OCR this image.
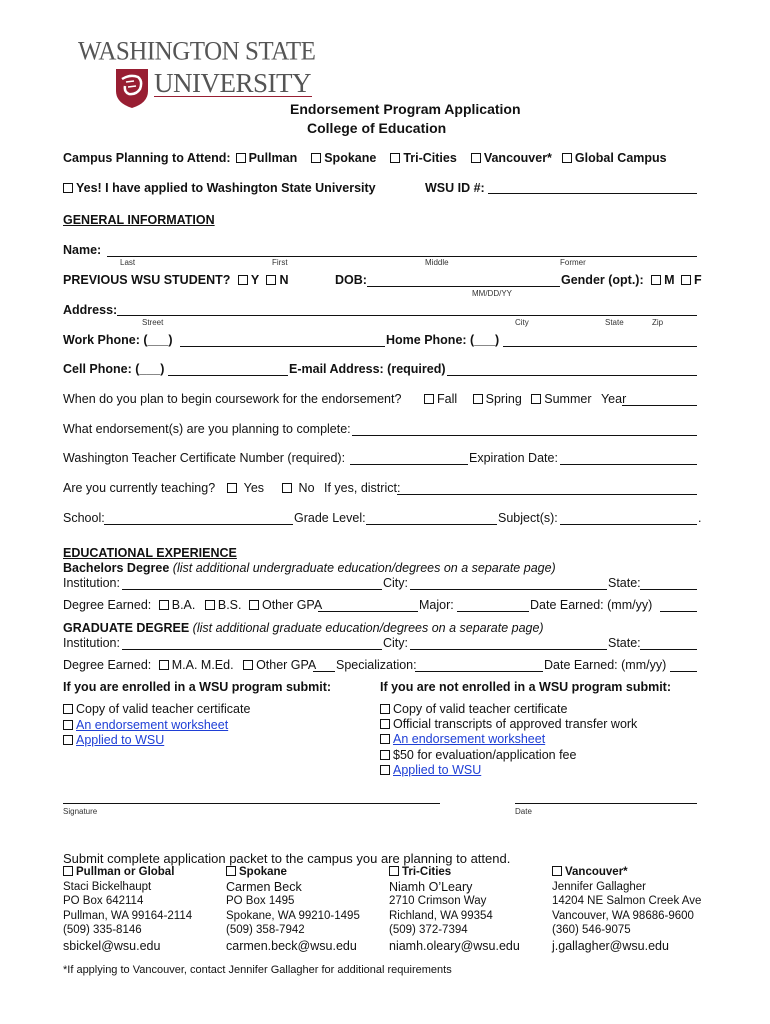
WASHINGTON STATE
UNIVERSITY
Endorsement Program Application
College of Education
Campus Planning to Attend:	Pullman	Spokane	Tri-Cities	Vancouver*	Global Campus
Yes! I have applied to Washington State University	WSU ID #:
GENERAL INFORMATION
Name:
Last	First	Middle	Former
PREVIOUS WSU STUDENT? Y N	DOB:
MM/DD/YY
Gender (opt.): M F
Address:
Street	City	State	Zip
Work Phone: (___)	Home Phone: (___)
Cell Phone: (___)	E-mail Address: (required)
When do you plan to begin coursework for the endorsement?	Fall Spring Summer Year
What endorsement(s) are you planning to complete:
Washington Teacher Certificate Number (required):	Expiration Date:
Are you currently teaching? Yes	No If yes, district:
School:	Grade Level:	Subject(s):	.
EDUCATIONAL EXPERIENCE
Bachelors Degree (list additional undergraduate education/degrees on a separate page)
Institution:	City:	State:
Degree Earned: B.A. B.S. Other GPA	Major:	Date Earned: (mm/yy)
GRADUATE DEGREE (list additional graduate education/degrees on a separate page)
Institution:	City:	State:
Degree Earned: M.A. M.Ed. Other GPA Specialization:	Date Earned: (mm/yy)
If you are enrolled in a WSU program submit:
Copy of valid teacher certificate
An endorsement worksheet
Applied to WSU
If you are not enrolled in a WSU program submit:
Copy of valid teacher certificate
Official transcripts of approved transfer work
An endorsement worksheet
$50 for evaluation/application fee
Applied to WSU
Signature	Date
Submit complete application packet to the campus you are planning to attend.
Pullman or Global
Staci Bickelhaupt
PO Box 642114
Pullman, WA 99164-2114
(509) 335-8146
sbickel@wsu.edu
Spokane
Carmen Beck
PO Box 1495
Spokane, WA 99210-1495
(509) 358-7942
carmen.beck@wsu.edu
Tri-Cities
Niamh O’Leary
2710 Crimson Way
Richland, WA 99354
(509) 372-7394
niamh.oleary@wsu.edu
Vancouver*
Jennifer Gallagher
14204 NE Salmon Creek Ave
Vancouver, WA 98686-9600
(360) 546-9075
j.gallagher@wsu.edu
*If applying to Vancouver, contact Jennifer Gallagher for additional requirements
